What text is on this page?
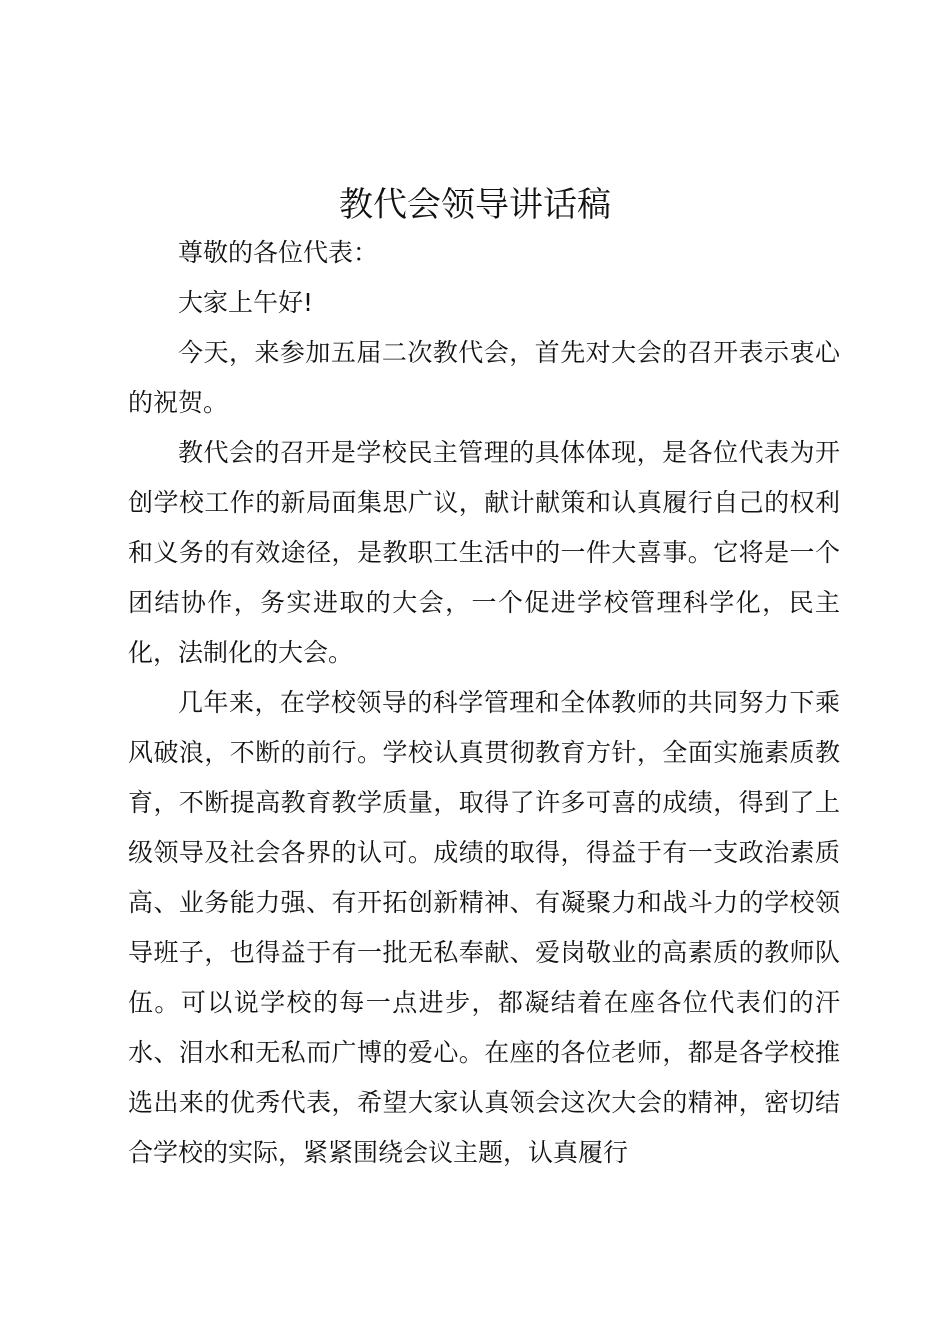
教代会领导讲话稿

尊敬的各位代表：

大家上午好!

今天，来参加五届二次教代会，首先对大会的召开表示衷心的祝贺。

教代会的召开是学校民主管理的具体体现，是各位代表为开创学校工作的新局面集思广议，献计献策和认真履行自己的权利和义务的有效途径，是教职工生活中的一件大喜事。它将是一个团结协作，务实进取的大会，一个促进学校管理科学化，民主化，法制化的大会。

几年来，在学校领导的科学管理和全体教师的共同努力下乘风破浪，不断的前行。学校认真贯彻教育方针，全面实施素质教育，不断提高教育教学质量，取得了许多可喜的成绩，得到了上级领导及社会各界的认可。成绩的取得，得益于有一支政治素质高、业务能力强、有开拓创新精神、有凝聚力和战斗力的学校领导班子，也得益于有一批无私奉献、爱岗敬业的高素质的教师队伍。可以说学校的每一点进步，都凝结着在座各位代表们的汗水、泪水和无私而广博的爱心。在座的各位老师，都是各学校推选出来的优秀代表，希望大家认真领会这次大会的精神，密切结合学校的实际，紧紧围绕会议主题，认真履行
